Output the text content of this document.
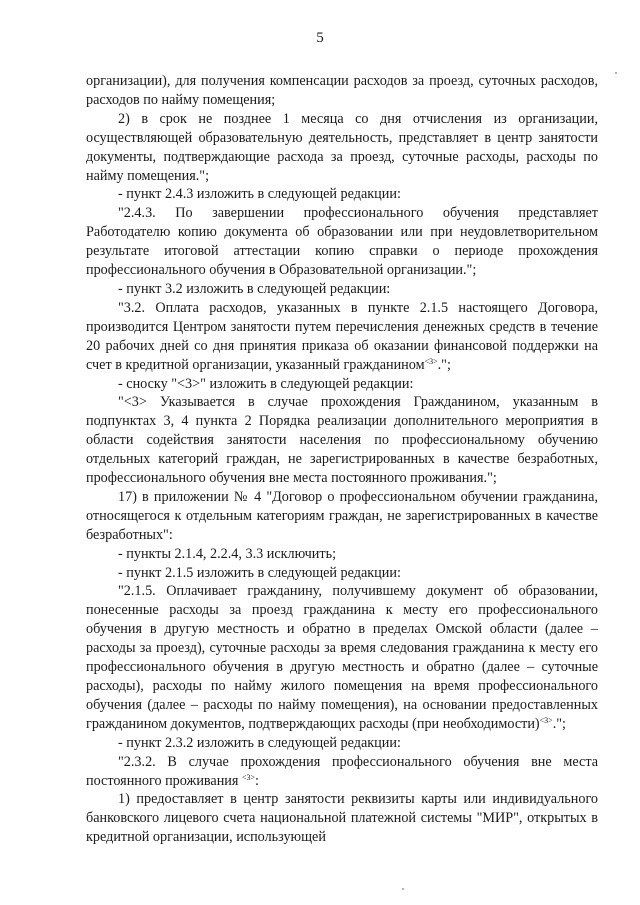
5

организации), для получения компенсации расходов за проезд, суточных расходов, расходов по найму помещения;

2) в срок не позднее 1 месяца со дня отчисления из организации, осуществляющей образовательную деятельность, представляет в центр занятости документы, подтверждающие расхода за проезд, суточные расходы, расходы по найму помещения.";

- пункт 2.4.3 изложить в следующей редакции:

"2.4.3. По завершении профессионального обучения представляет Работодателю копию документа об образовании или при неудовлетворительном результате итоговой аттестации копию справки о периоде прохождения профессионального обучения в Образовательной организации.";

- пункт 3.2 изложить в следующей редакции:

"3.2. Оплата расходов, указанных в пункте 2.1.5 настоящего Договора, производится Центром занятости путем перечисления денежных средств в течение 20 рабочих дней со дня принятия приказа об оказании финансовой поддержки на счет в кредитной организации, указанный гражданином$^{<3>}$.";

- сноску "<3>" изложить в следующей редакции:

"<3> Указывается в случае прохождения Гражданином, указанным в подпунктах 3, 4 пункта 2 Порядка реализации дополнительного мероприятия в области содействия занятости населения по профессиональному обучению отдельных категорий граждан, не зарегистрированных в качестве безработных, профессионального обучения вне места постоянного проживания.";

17) в приложении № 4 "Договор о профессиональном обучении гражданина, относящегося к отдельным категориям граждан, не зарегистрированных в качестве безработных":

- пункты 2.1.4, 2.2.4, 3.3 исключить;

- пункт 2.1.5 изложить в следующей редакции:

"2.1.5. Оплачивает гражданину, получившему документ об образовании, понесенные расходы за проезд гражданина к месту его профессионального обучения в другую местность и обратно в пределах Омской области (далее – расходы за проезд), суточные расходы за время следования гражданина к месту его профессионального обучения в другую местность и обратно (далее – суточные расходы), расходы по найму жилого помещения на время профессионального обучения (далее – расходы по найму помещения), на основании предоставленных гражданином документов, подтверждающих расходы (при необходимости)$^{<3>}$.";

- пункт 2.3.2 изложить в следующей редакции:

"2.3.2. В случае прохождения профессионального обучения вне места постоянного проживания $^{<3>}$:

1) предоставляет в центр занятости реквизиты карты или индивидуального банковского лицевого счета национальной платежной системы "МИР", открытых в кредитной организации, использующей
